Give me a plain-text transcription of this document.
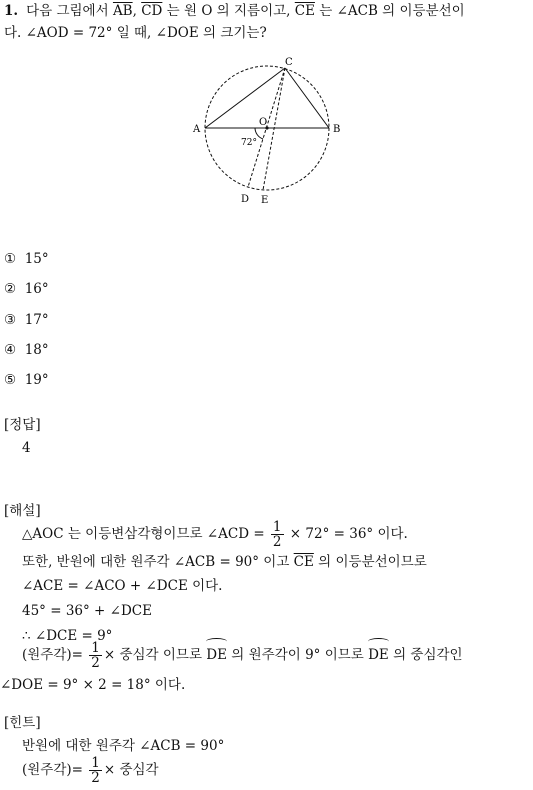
1. 다음 그림에서 $\overline{AB}$, $\overline{CD}$ 는 원 O 의 지름이고, $\overline{CE}$ 는 ∠ACB 의 이등분선이
다. ∠AOD = 72° 일 때, ∠DOE 의 크기는?
A	B
C
O
D E
72°
① 15°
② 16°
③ 17°
④ 18°
⑤ 19°
[정답]
4
[해설]
△AOC 는 이등변삼각형이므로 ∠ACD = $\frac{1}{2} \times 72^\circ = 36^\circ$ 이다.
또한, 반원에 대한 원주각 ∠ACB = 90° 이고 $\overline{CE}$ 의 이등분선이므로
∠ACE = ∠ACO + ∠DCE 이다.
45° = 36° + ∠DCE
∴ ∠DCE = 9°
(원주각)= $\frac{1}{2}$ × 중심각 이므로 DE 의 원주각이 9° 이므로 DE 의 중심각인
∠DOE = 9° × 2 = 18° 이다.
[힌트]
반원에 대한 원주각 ∠ACB = 90°
(원주각)= $\frac{1}{2}$ × 중심각
